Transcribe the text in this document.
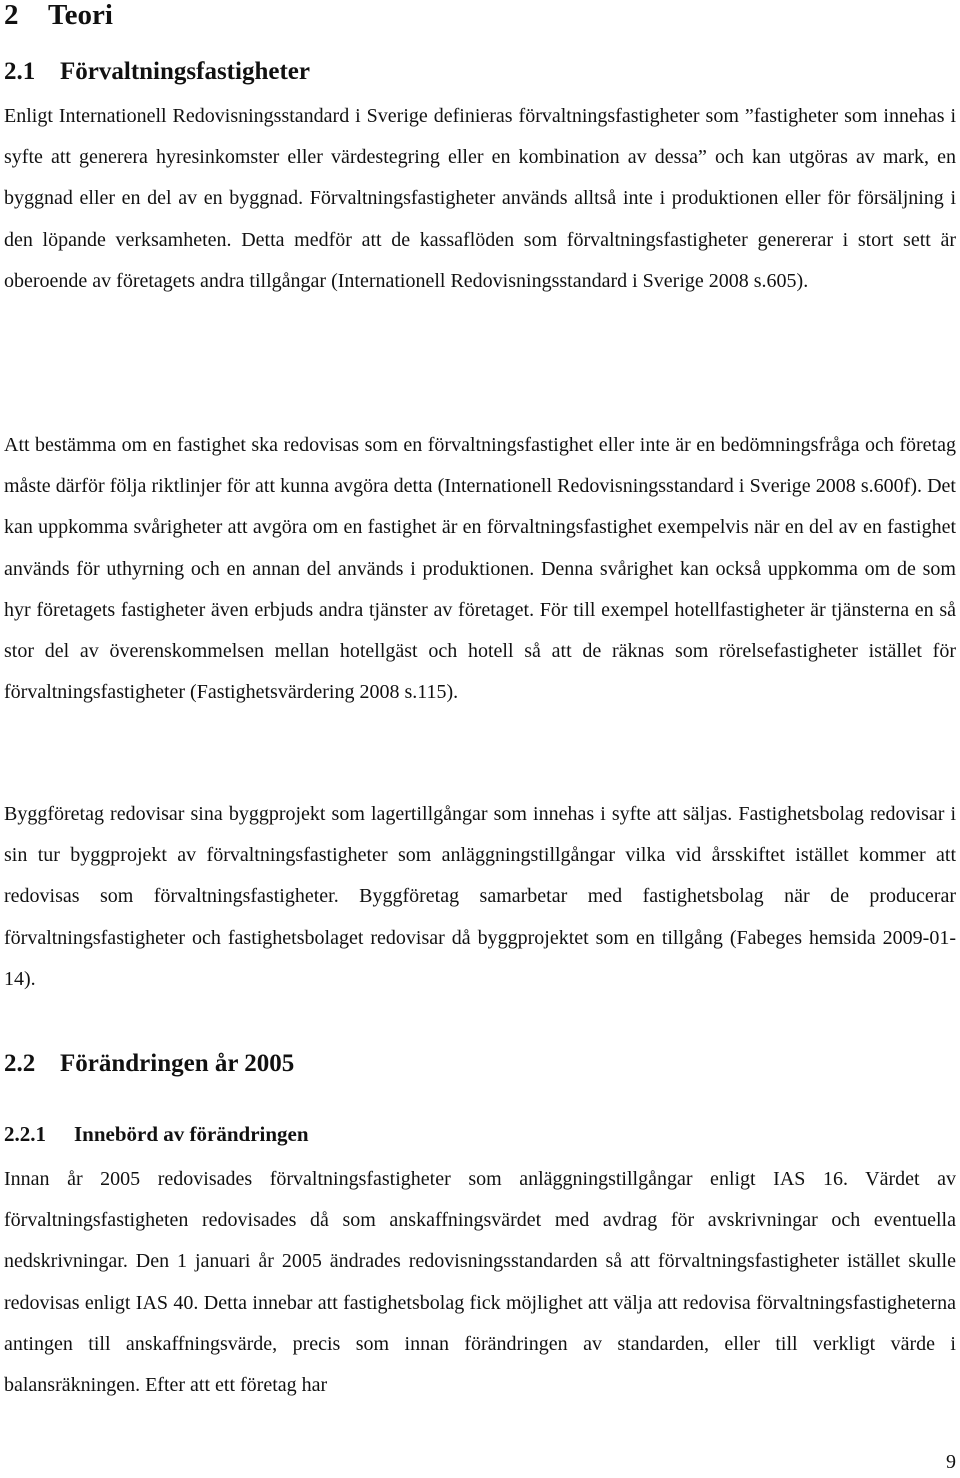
2 Teori
2.1 Förvaltningsfastigheter

Enligt Internationell Redovisningsstandard i Sverige definieras förvaltningsfastigheter som ”fastigheter som innehas i syfte att generera hyresinkomster eller värdestegring eller en kombination av dessa” och kan utgöras av mark, en byggnad eller en del av en byggnad. Förvaltningsfastigheter används alltså inte i produktionen eller för försäljning i den löpande verksamheten. Detta medför att de kassaflöden som förvaltningsfastigheter genererar i stort sett är oberoende av företagets andra tillgångar (Internationell Redovisningsstandard i Sverige 2008 s.605).

Att bestämma om en fastighet ska redovisas som en förvaltningsfastighet eller inte är en bedömningsfråga och företag måste därför följa riktlinjer för att kunna avgöra detta (Internationell Redovisningsstandard i Sverige 2008 s.600f). Det kan uppkomma svårigheter att avgöra om en fastighet är en förvaltningsfastighet exempelvis när en del av en fastighet används för uthyrning och en annan del används i produktionen. Denna svårighet kan också uppkomma om de som hyr företagets fastigheter även erbjuds andra tjänster av företaget. För till exempel hotellfastigheter är tjänsterna en så stor del av överenskommelsen mellan hotellgäst och hotell så att de räknas som rörelsefastigheter istället för förvaltningsfastigheter (Fastighetsvärdering 2008 s.115).

Byggföretag redovisar sina byggprojekt som lagertillgångar som innehas i syfte att säljas. Fastighetsbolag redovisar i sin tur byggprojekt av förvaltningsfastigheter som anläggningstillgångar vilka vid årsskiftet istället kommer att redovisas som förvaltningsfastigheter. Byggföretag samarbetar med fastighetsbolag när de producerar förvaltningsfastigheter och fastighetsbolaget redovisar då byggprojektet som en tillgång (Fabeges hemsida 2009-01-14).

2.2 Förändringen år 2005
2.2.1 Innebörd av förändringen

Innan år 2005 redovisades förvaltningsfastigheter som anläggningstillgångar enligt IAS 16. Värdet av förvaltningsfastigheten redovisades då som anskaffningsvärdet med avdrag för avskrivningar och eventuella nedskrivningar. Den 1 januari år 2005 ändrades redovisningsstandarden så att förvaltningsfastigheter istället skulle redovisas enligt IAS 40. Detta innebar att fastighetsbolag fick möjlighet att välja att redovisa förvaltningsfastigheterna antingen till anskaffningsvärde, precis som innan förändringen av standarden, eller till verkligt värde i balansräkningen. Efter att ett företag har

9
